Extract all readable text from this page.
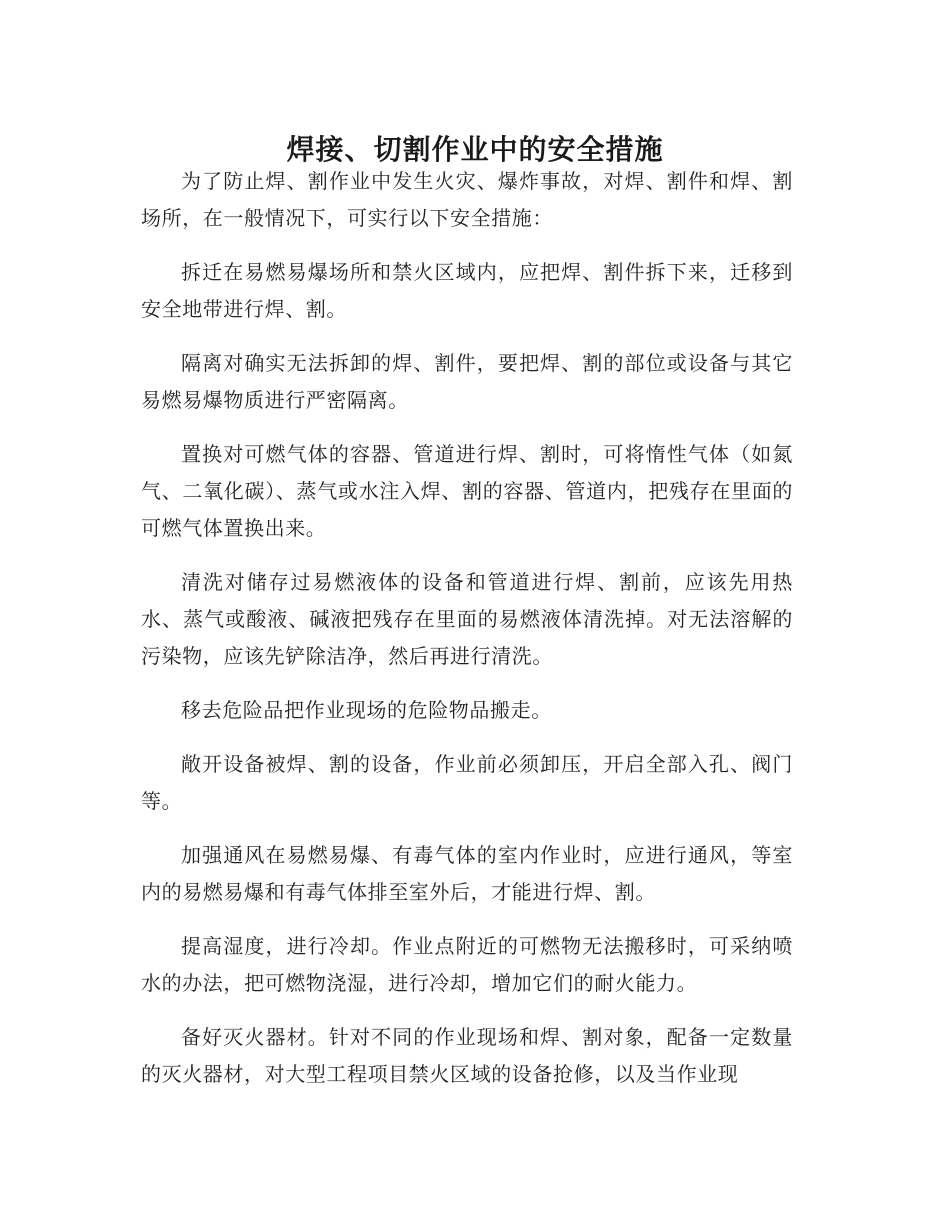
焊接、切割作业中的安全措施

为了防止焊、割作业中发生火灾、爆炸事故，对焊、割件和焊、割场所，在一般情况下，可实行以下安全措施：

拆迁在易燃易爆场所和禁火区域内，应把焊、割件拆下来，迁移到安全地带进行焊、割。

隔离对确实无法拆卸的焊、割件，要把焊、割的部位或设备与其它易燃易爆物质进行严密隔离。

置换对可燃气体的容器、管道进行焊、割时，可将惰性气体（如氮气、二氧化碳）、蒸气或水注入焊、割的容器、管道内，把残存在里面的可燃气体置换出来。

清洗对储存过易燃液体的设备和管道进行焊、割前，应该先用热水、蒸气或酸液、碱液把残存在里面的易燃液体清洗掉。对无法溶解的污染物，应该先铲除洁净，然后再进行清洗。

移去危险品把作业现场的危险物品搬走。

敞开设备被焊、割的设备，作业前必须卸压，开启全部入孔、阀门等。

加强通风在易燃易爆、有毒气体的室内作业时，应进行通风，等室内的易燃易爆和有毒气体排至室外后，才能进行焊、割。

提高湿度，进行冷却。作业点附近的可燃物无法搬移时，可采纳喷水的办法，把可燃物浇湿，进行冷却，增加它们的耐火能力。

备好灭火器材。针对不同的作业现场和焊、割对象，配备一定数量的灭火器材，对大型工程项目禁火区域的设备抢修，以及当作业现
